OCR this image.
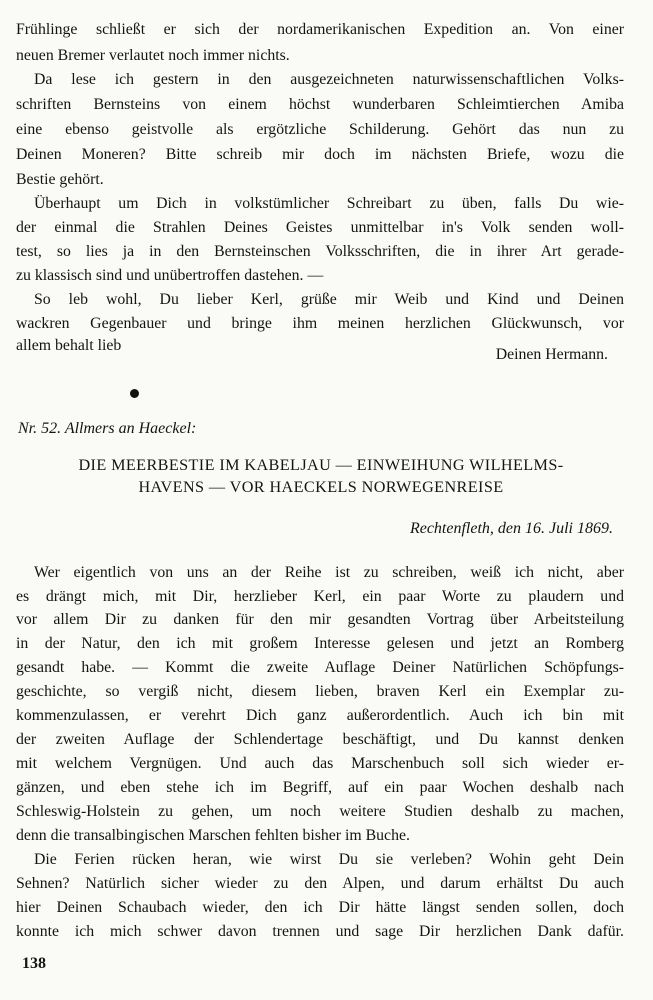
Frühlinge schließt er sich der nordamerikanischen Expedition an. Von einer
neuen Bremer verlautet noch immer nichts.
Da lese ich gestern in den ausgezeichneten naturwissenschaftlichen Volks-
schriften Bernsteins von einem höchst wunderbaren Schleimtierchen Amiba
eine ebenso geistvolle als ergötzliche Schilderung. Gehört das nun zu
Deinen Moneren? Bitte schreib mir doch im nächsten Briefe, wozu die
Bestie gehört.
Überhaupt um Dich in volkstümlicher Schreibart zu üben, falls Du wie-
der einmal die Strahlen Deines Geistes unmittelbar in's Volk senden woll-
test, so lies ja in den Bernsteinschen Volksschriften, die in ihrer Art gerade-
zu klassisch sind und unübertroffen dastehen. —
So leb wohl, Du lieber Kerl, grüße mir Weib und Kind und Deinen
wackren Gegenbauer und bringe ihm meinen herzlichen Glückwunsch, vor
allem behalt lieb
Deinen Hermann.
Nr. 52. Allmers an Haeckel:
DIE MEERBESTIE IM KABELJAU — EINWEIHUNG WILHELMS-
HAVENS — VOR HAECKELS NORWEGENREISE
Rechtenfleth, den 16. Juli 1869.
Wer eigentlich von uns an der Reihe ist zu schreiben, weiß ich nicht, aber
es drängt mich, mit Dir, herzlieber Kerl, ein paar Worte zu plaudern und
vor allem Dir zu danken für den mir gesandten Vortrag über Arbeitsteilung
in der Natur, den ich mit großem Interesse gelesen und jetzt an Romberg
gesandt habe. — Kommt die zweite Auflage Deiner Natürlichen Schöpfungs-
geschichte, so vergiß nicht, diesem lieben, braven Kerl ein Exemplar zu-
kommenzulassen, er verehrt Dich ganz außerordentlich. Auch ich bin mit
der zweiten Auflage der Schlendertage beschäftigt, und Du kannst denken
mit welchem Vergnügen. Und auch das Marschenbuch soll sich wieder er-
gänzen, und eben stehe ich im Begriff, auf ein paar Wochen deshalb nach
Schleswig-Holstein zu gehen, um noch weitere Studien deshalb zu machen,
denn die transalbingischen Marschen fehlten bisher im Buche.
Die Ferien rücken heran, wie wirst Du sie verleben? Wohin geht Dein
Sehnen? Natürlich sicher wieder zu den Alpen, und darum erhältst Du auch
hier Deinen Schaubach wieder, den ich Dir hätte längst senden sollen, doch
konnte ich mich schwer davon trennen und sage Dir herzlichen Dank dafür.
138
